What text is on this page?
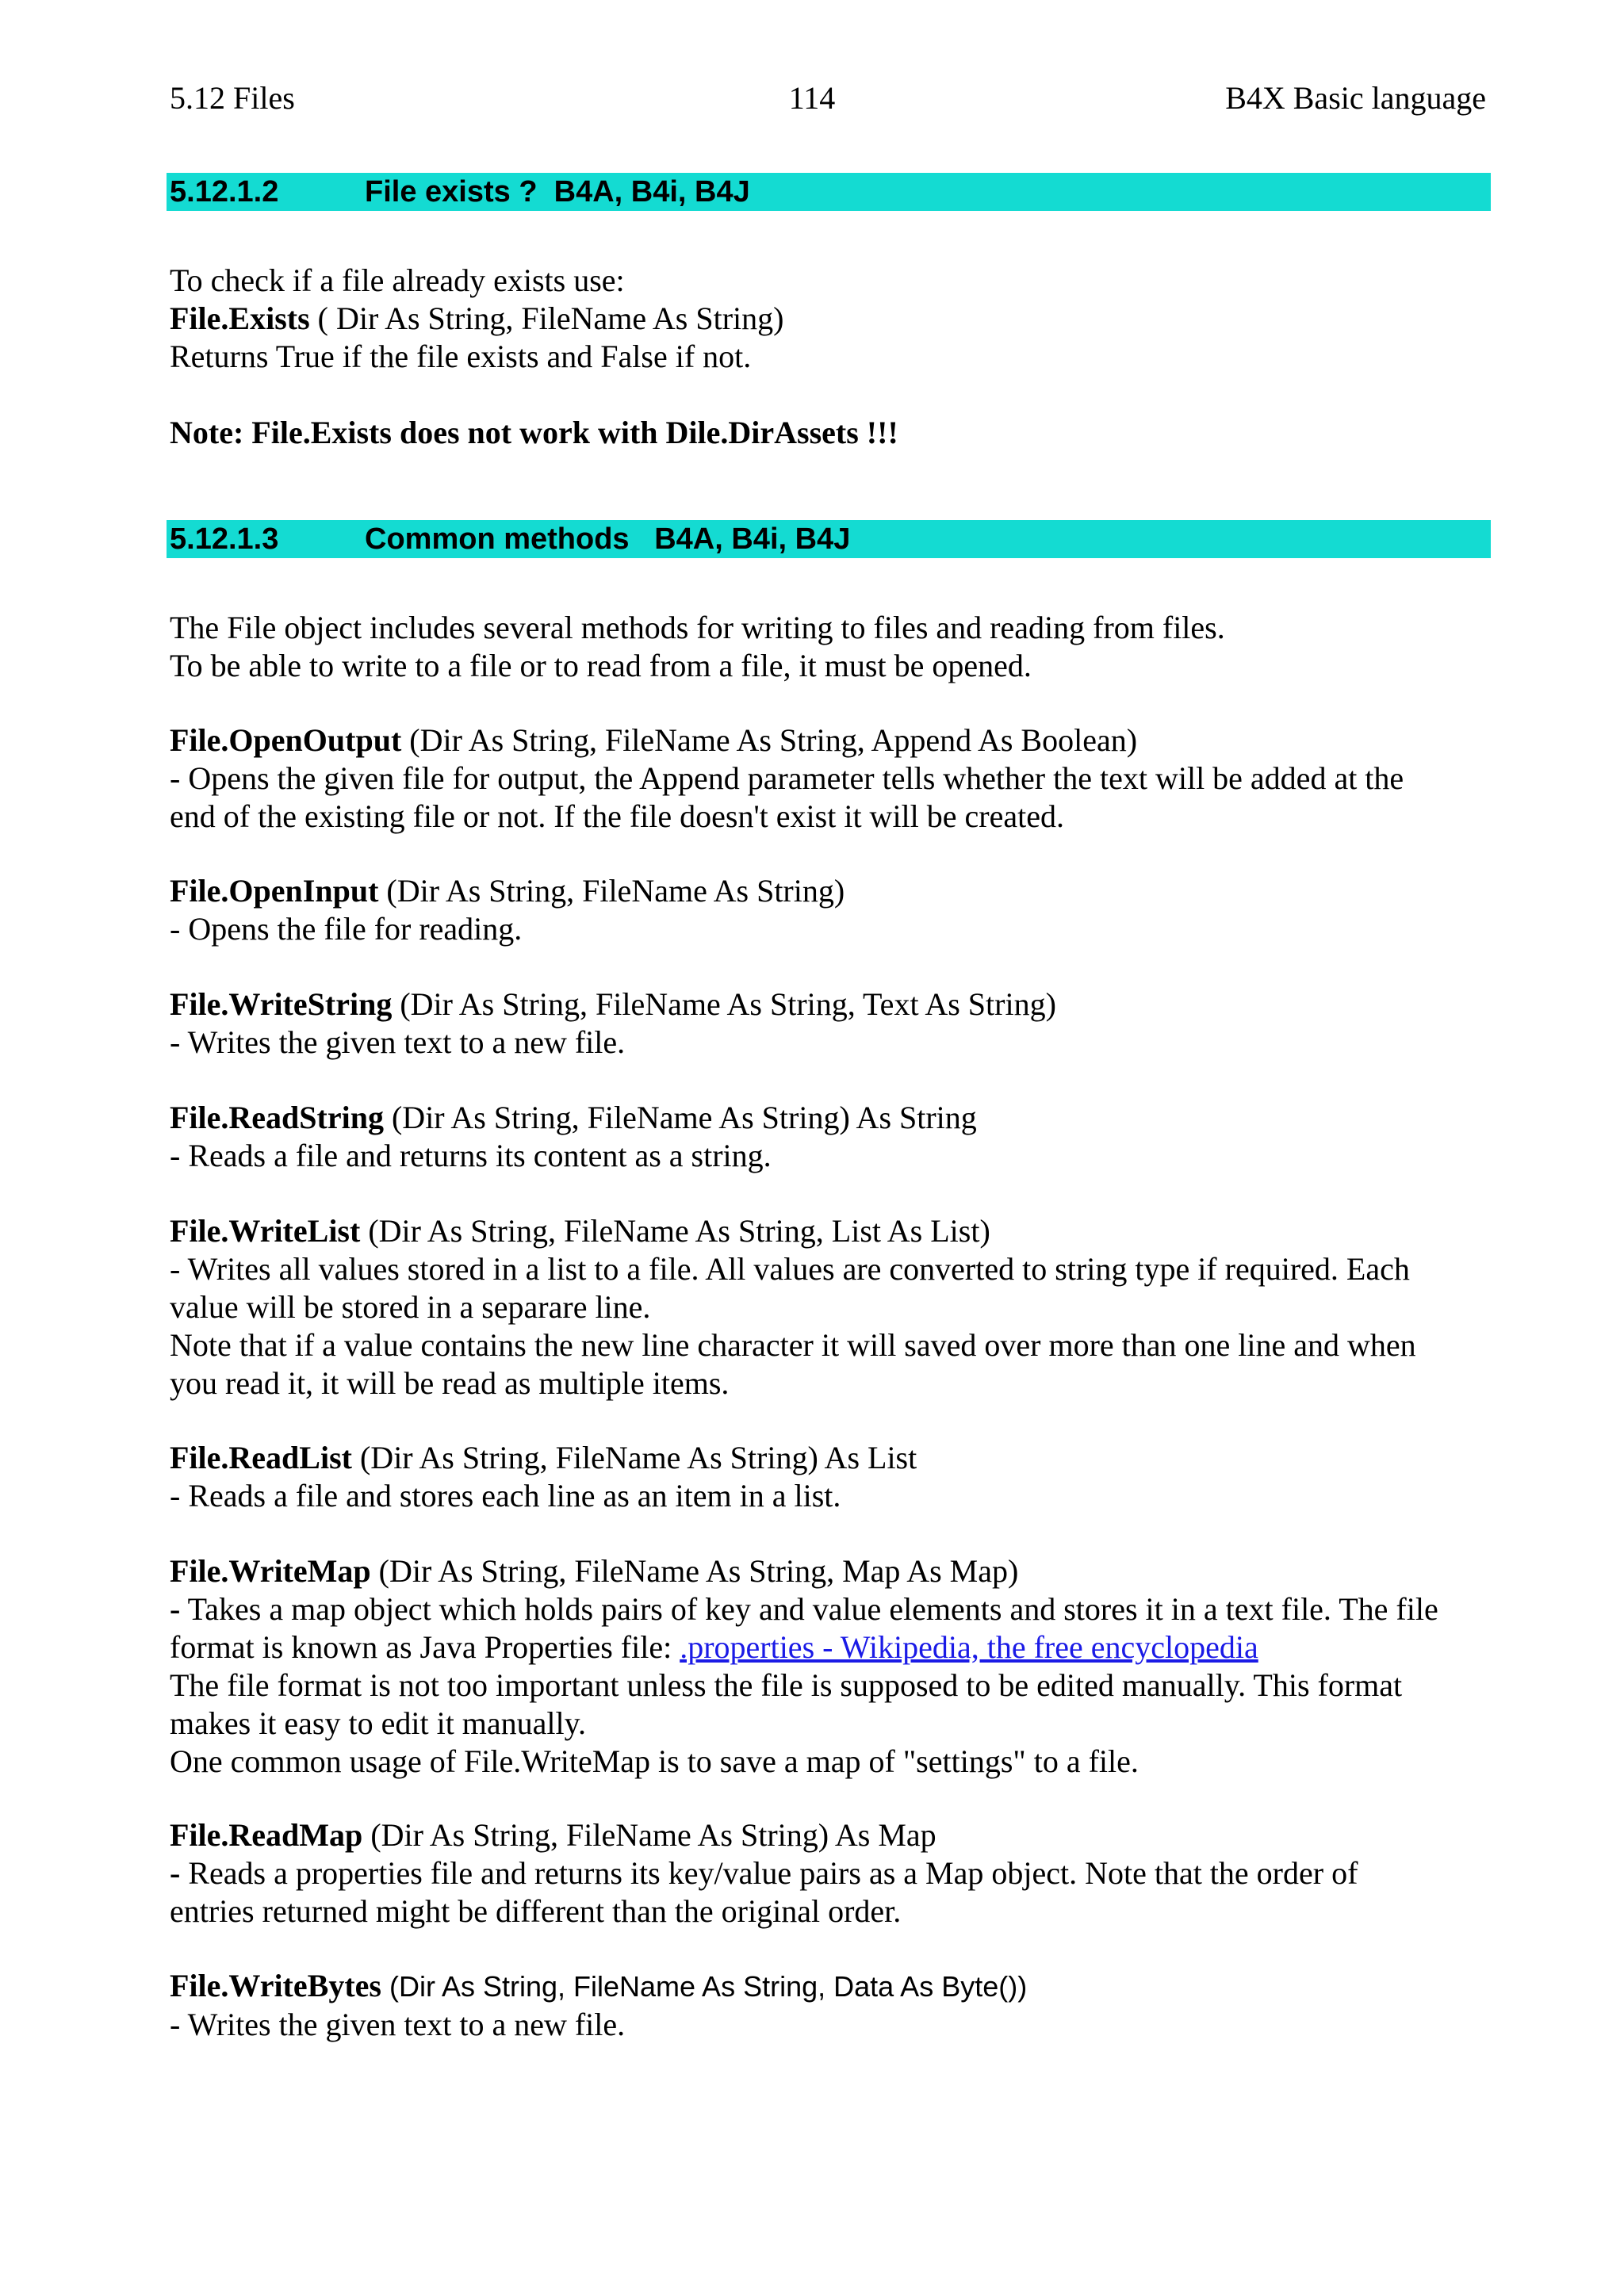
5.12 Files	114	B4X Basic language
5.12.1.2	File exists ?  B4A, B4i, B4J
To check if a file already exists use:
File.Exists ( Dir As String, FileName As String)
Returns True if the file exists and False if not.
Note: File.Exists does not work with Dile.DirAssets !!!
5.12.1.3	Common methods   B4A, B4i, B4J
The File object includes several methods for writing to files and reading from files.
To be able to write to a file or to read from a file, it must be opened.
File.OpenOutput (Dir As String, FileName As String, Append As Boolean)
- Opens the given file for output, the Append parameter tells whether the text will be added at the
end of the existing file or not. If the file doesn't exist it will be created.
File.OpenInput (Dir As String, FileName As String)
- Opens the file for reading.
File.WriteString (Dir As String, FileName As String, Text As String)
- Writes the given text to a new file.
File.ReadString (Dir As String, FileName As String) As String
- Reads a file and returns its content as a string.
File.WriteList (Dir As String, FileName As String, List As List)
- Writes all values stored in a list to a file. All values are converted to string type if required. Each
value will be stored in a separare line.
Note that if a value contains the new line character it will saved over more than one line and when
you read it, it will be read as multiple items.
File.ReadList (Dir As String, FileName As String) As List
- Reads a file and stores each line as an item in a list.
File.WriteMap (Dir As String, FileName As String, Map As Map)
- Takes a map object which holds pairs of key and value elements and stores it in a text file. The file
format is known as Java Properties file: .properties - Wikipedia, the free encyclopedia
The file format is not too important unless the file is supposed to be edited manually. This format
makes it easy to edit it manually.
One common usage of File.WriteMap is to save a map of "settings" to a file.
File.ReadMap (Dir As String, FileName As String) As Map
- Reads a properties file and returns its key/value pairs as a Map object. Note that the order of
entries returned might be different than the original order.
File.WriteBytes (Dir As String, FileName As String, Data As Byte())
- Writes the given text to a new file.
